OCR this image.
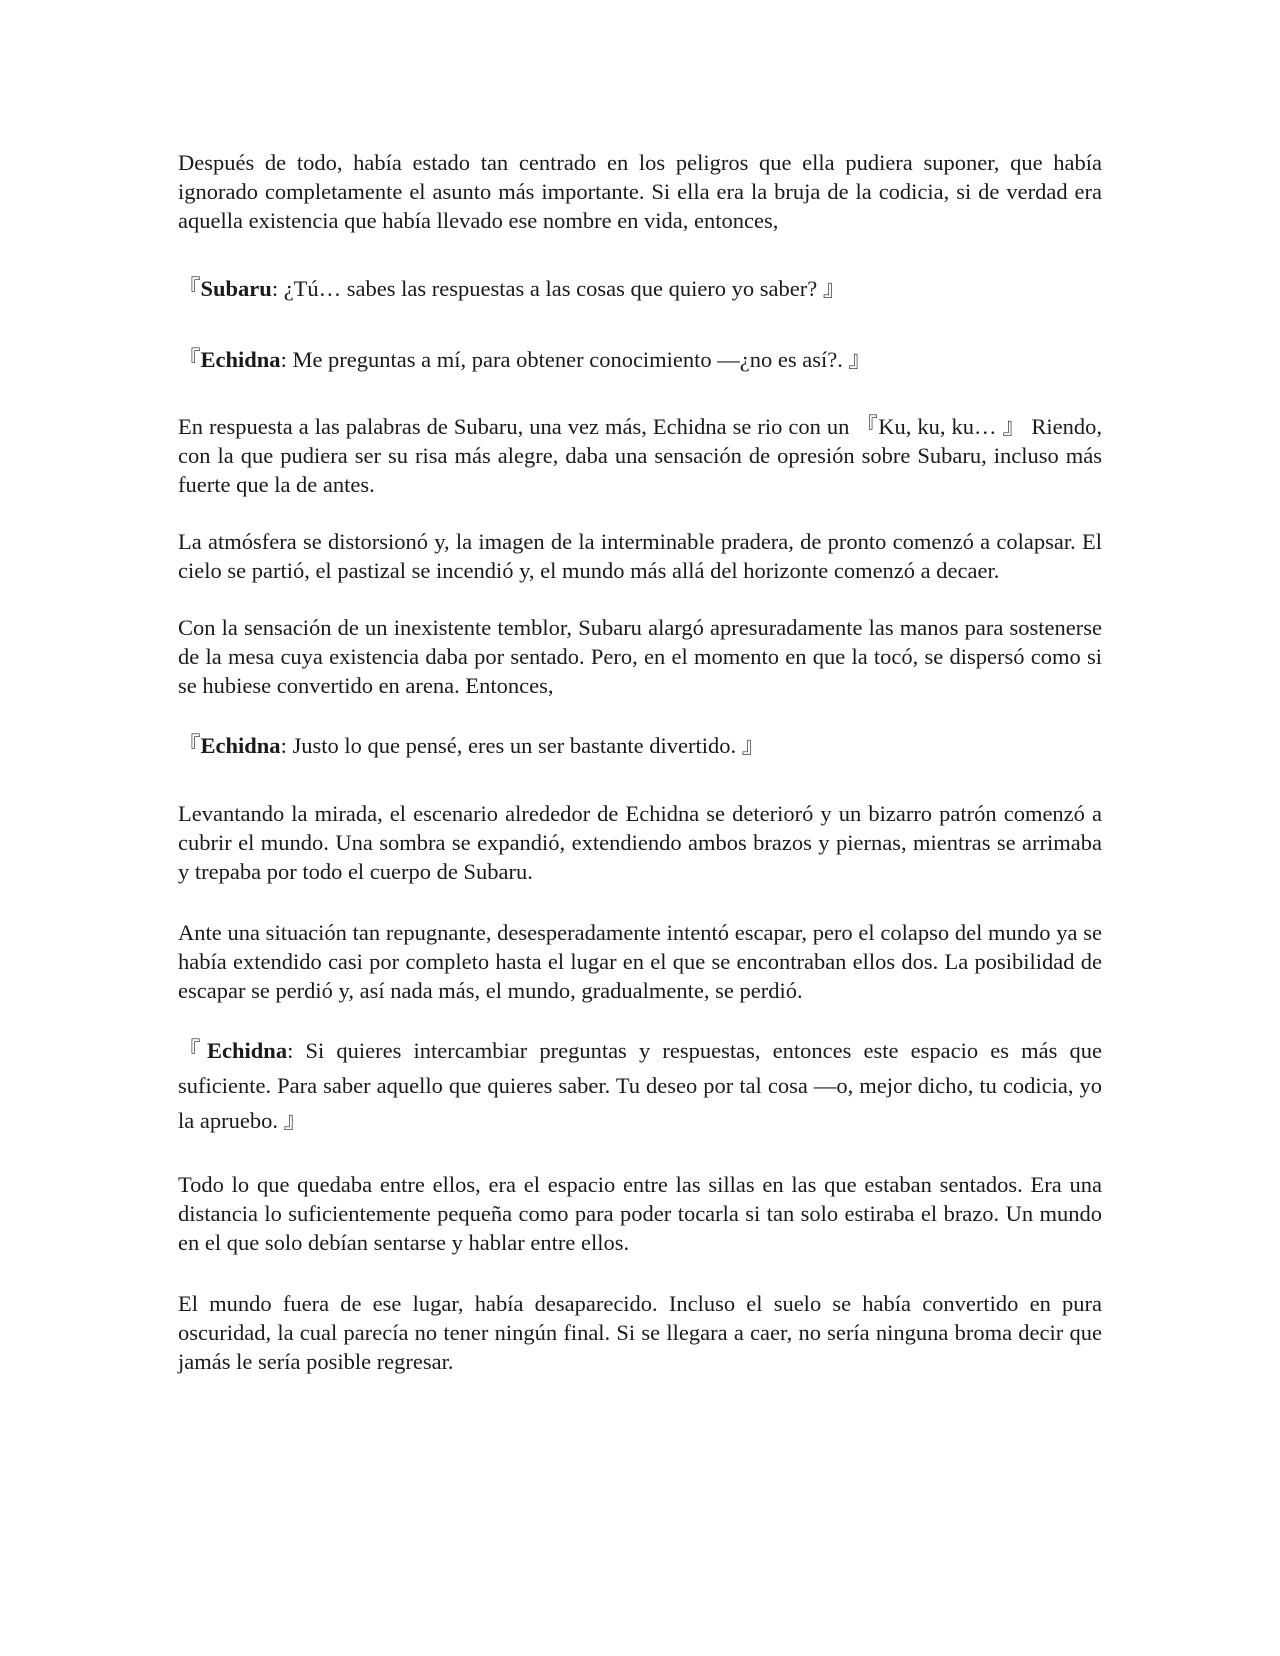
Después de todo, había estado tan centrado en los peligros que ella pudiera suponer, que había ignorado completamente el asunto más importante. Si ella era la bruja de la codicia, si de verdad era aquella existencia que había llevado ese nombre en vida, entonces,

『Subaru: ¿Tú… sabes las respuestas a las cosas que quiero yo saber? 』

『Echidna: Me preguntas a mí, para obtener conocimiento —¿no es así?. 』

En respuesta a las palabras de Subaru, una vez más, Echidna se rio con un 『Ku, ku, ku… 』 Riendo, con la que pudiera ser su risa más alegre, daba una sensación de opresión sobre Subaru, incluso más fuerte que la de antes.

La atmósfera se distorsionó y, la imagen de la interminable pradera, de pronto comenzó a colapsar. El cielo se partió, el pastizal se incendió y, el mundo más allá del horizonte comenzó a decaer.

Con la sensación de un inexistente temblor, Subaru alargó apresuradamente las manos para sostenerse de la mesa cuya existencia daba por sentado. Pero, en el momento en que la tocó, se dispersó como si se hubiese convertido en arena. Entonces,

『Echidna: Justo lo que pensé, eres un ser bastante divertido. 』

Levantando la mirada, el escenario alrededor de Echidna se deterioró y un bizarro patrón comenzó a cubrir el mundo. Una sombra se expandió, extendiendo ambos brazos y piernas, mientras se arrimaba y trepaba por todo el cuerpo de Subaru.

Ante una situación tan repugnante, desesperadamente intentó escapar, pero el colapso del mundo ya se había extendido casi por completo hasta el lugar en el que se encontraban ellos dos. La posibilidad de escapar se perdió y, así nada más, el mundo, gradualmente, se perdió.

『Echidna: Si quieres intercambiar preguntas y respuestas, entonces este espacio es más que suficiente. Para saber aquello que quieres saber. Tu deseo por tal cosa —o, mejor dicho, tu codicia, yo la apruebo. 』

Todo lo que quedaba entre ellos, era el espacio entre las sillas en las que estaban sentados. Era una distancia lo suficientemente pequeña como para poder tocarla si tan solo estiraba el brazo. Un mundo en el que solo debían sentarse y hablar entre ellos.

El mundo fuera de ese lugar, había desaparecido. Incluso el suelo se había convertido en pura oscuridad, la cual parecía no tener ningún final. Si se llegara a caer, no sería ninguna broma decir que jamás le sería posible regresar.
